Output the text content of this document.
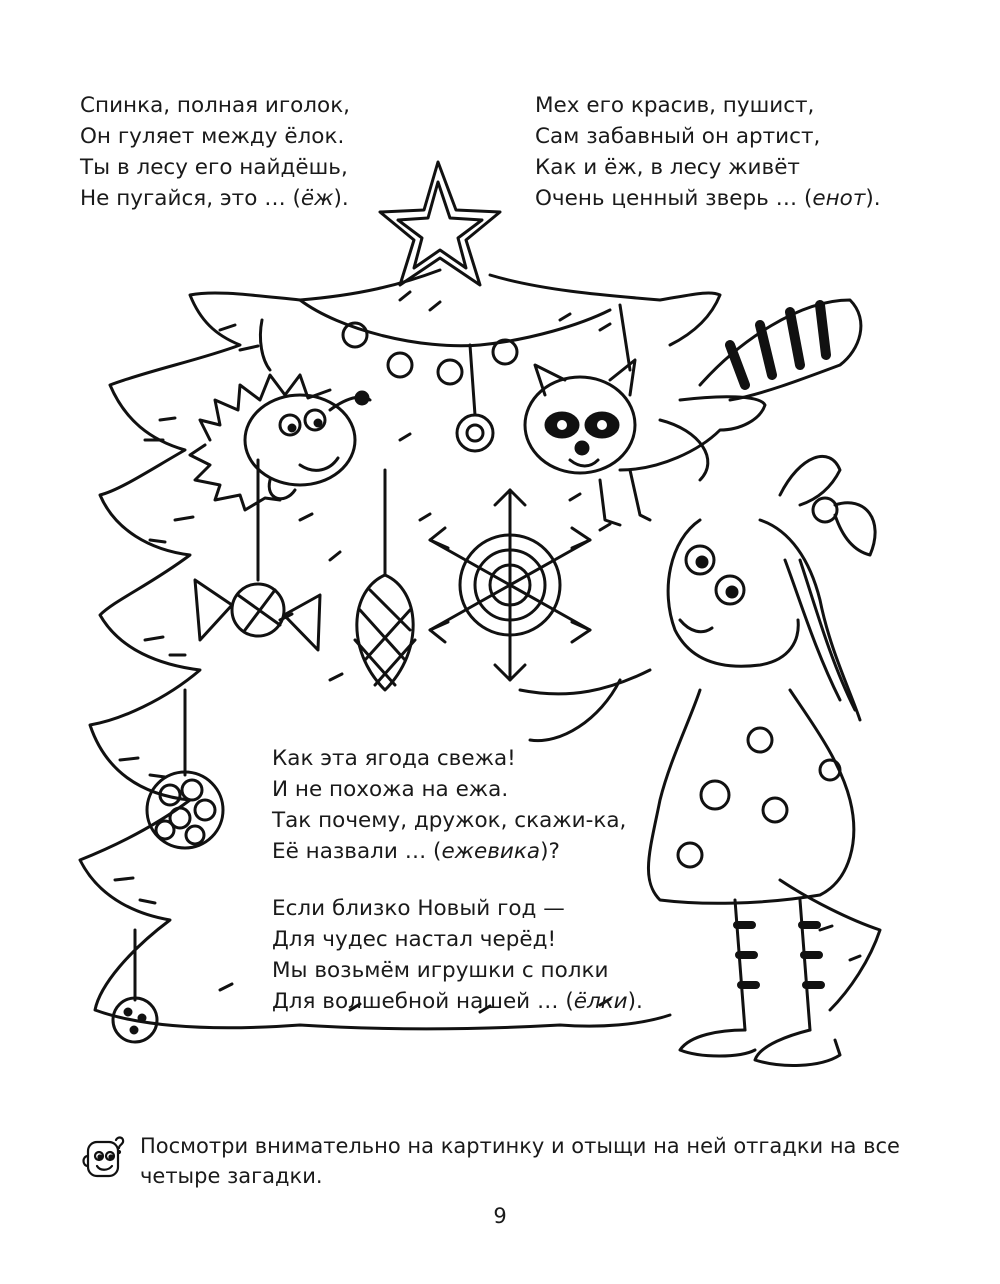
Спинка, полная иголок,
Он гуляет между ёлок.
Ты в лесу его найдёшь,
Не пугайся, это … (ёж).
Мех его красив, пушист,
Сам забавный он артист,
Как и ёж, в лесу живёт
Очень ценный зверь … (енот).
Как эта ягода свежа!
И не похожа на ежа.
Так почему, дружок, скажи-ка,
Её назвали … (ежевика)?
Если близко Новый год —
Для чудес настал черёд!
Мы возьмём игрушки с полки
Для волшебной нашей … (ёлки).
Посмотри внимательно на картинку и отыщи на ней отгадки на все четыре загадки.
9
